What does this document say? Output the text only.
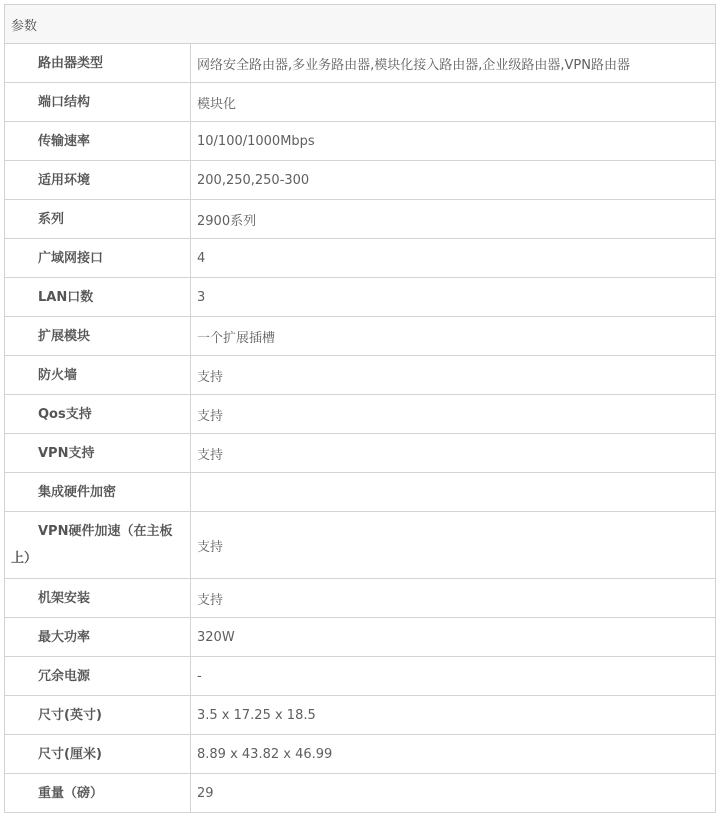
参数	
路由器类型	网络安全路由器,多业务路由器,模块化接入路由器,企业级路由器,VPN路由器
端口结构	模块化
传输速率	10/100/1000Mbps
适用环境	200,250,250-300
系列	2900系列
广域网接口	4
LAN口数	3
扩展模块	一个扩展插槽
防火墙	支持
Qos支持	支持
VPN支持	支持
集成硬件加密	
VPN硬件加速（在主板上）	支持
机架安装	支持
最大功率	320W
冗余电源	-
尺寸(英寸)	3.5 x 17.25 x 18.5
尺寸(厘米)	8.89 x 43.82 x 46.99
重量（磅）	29
